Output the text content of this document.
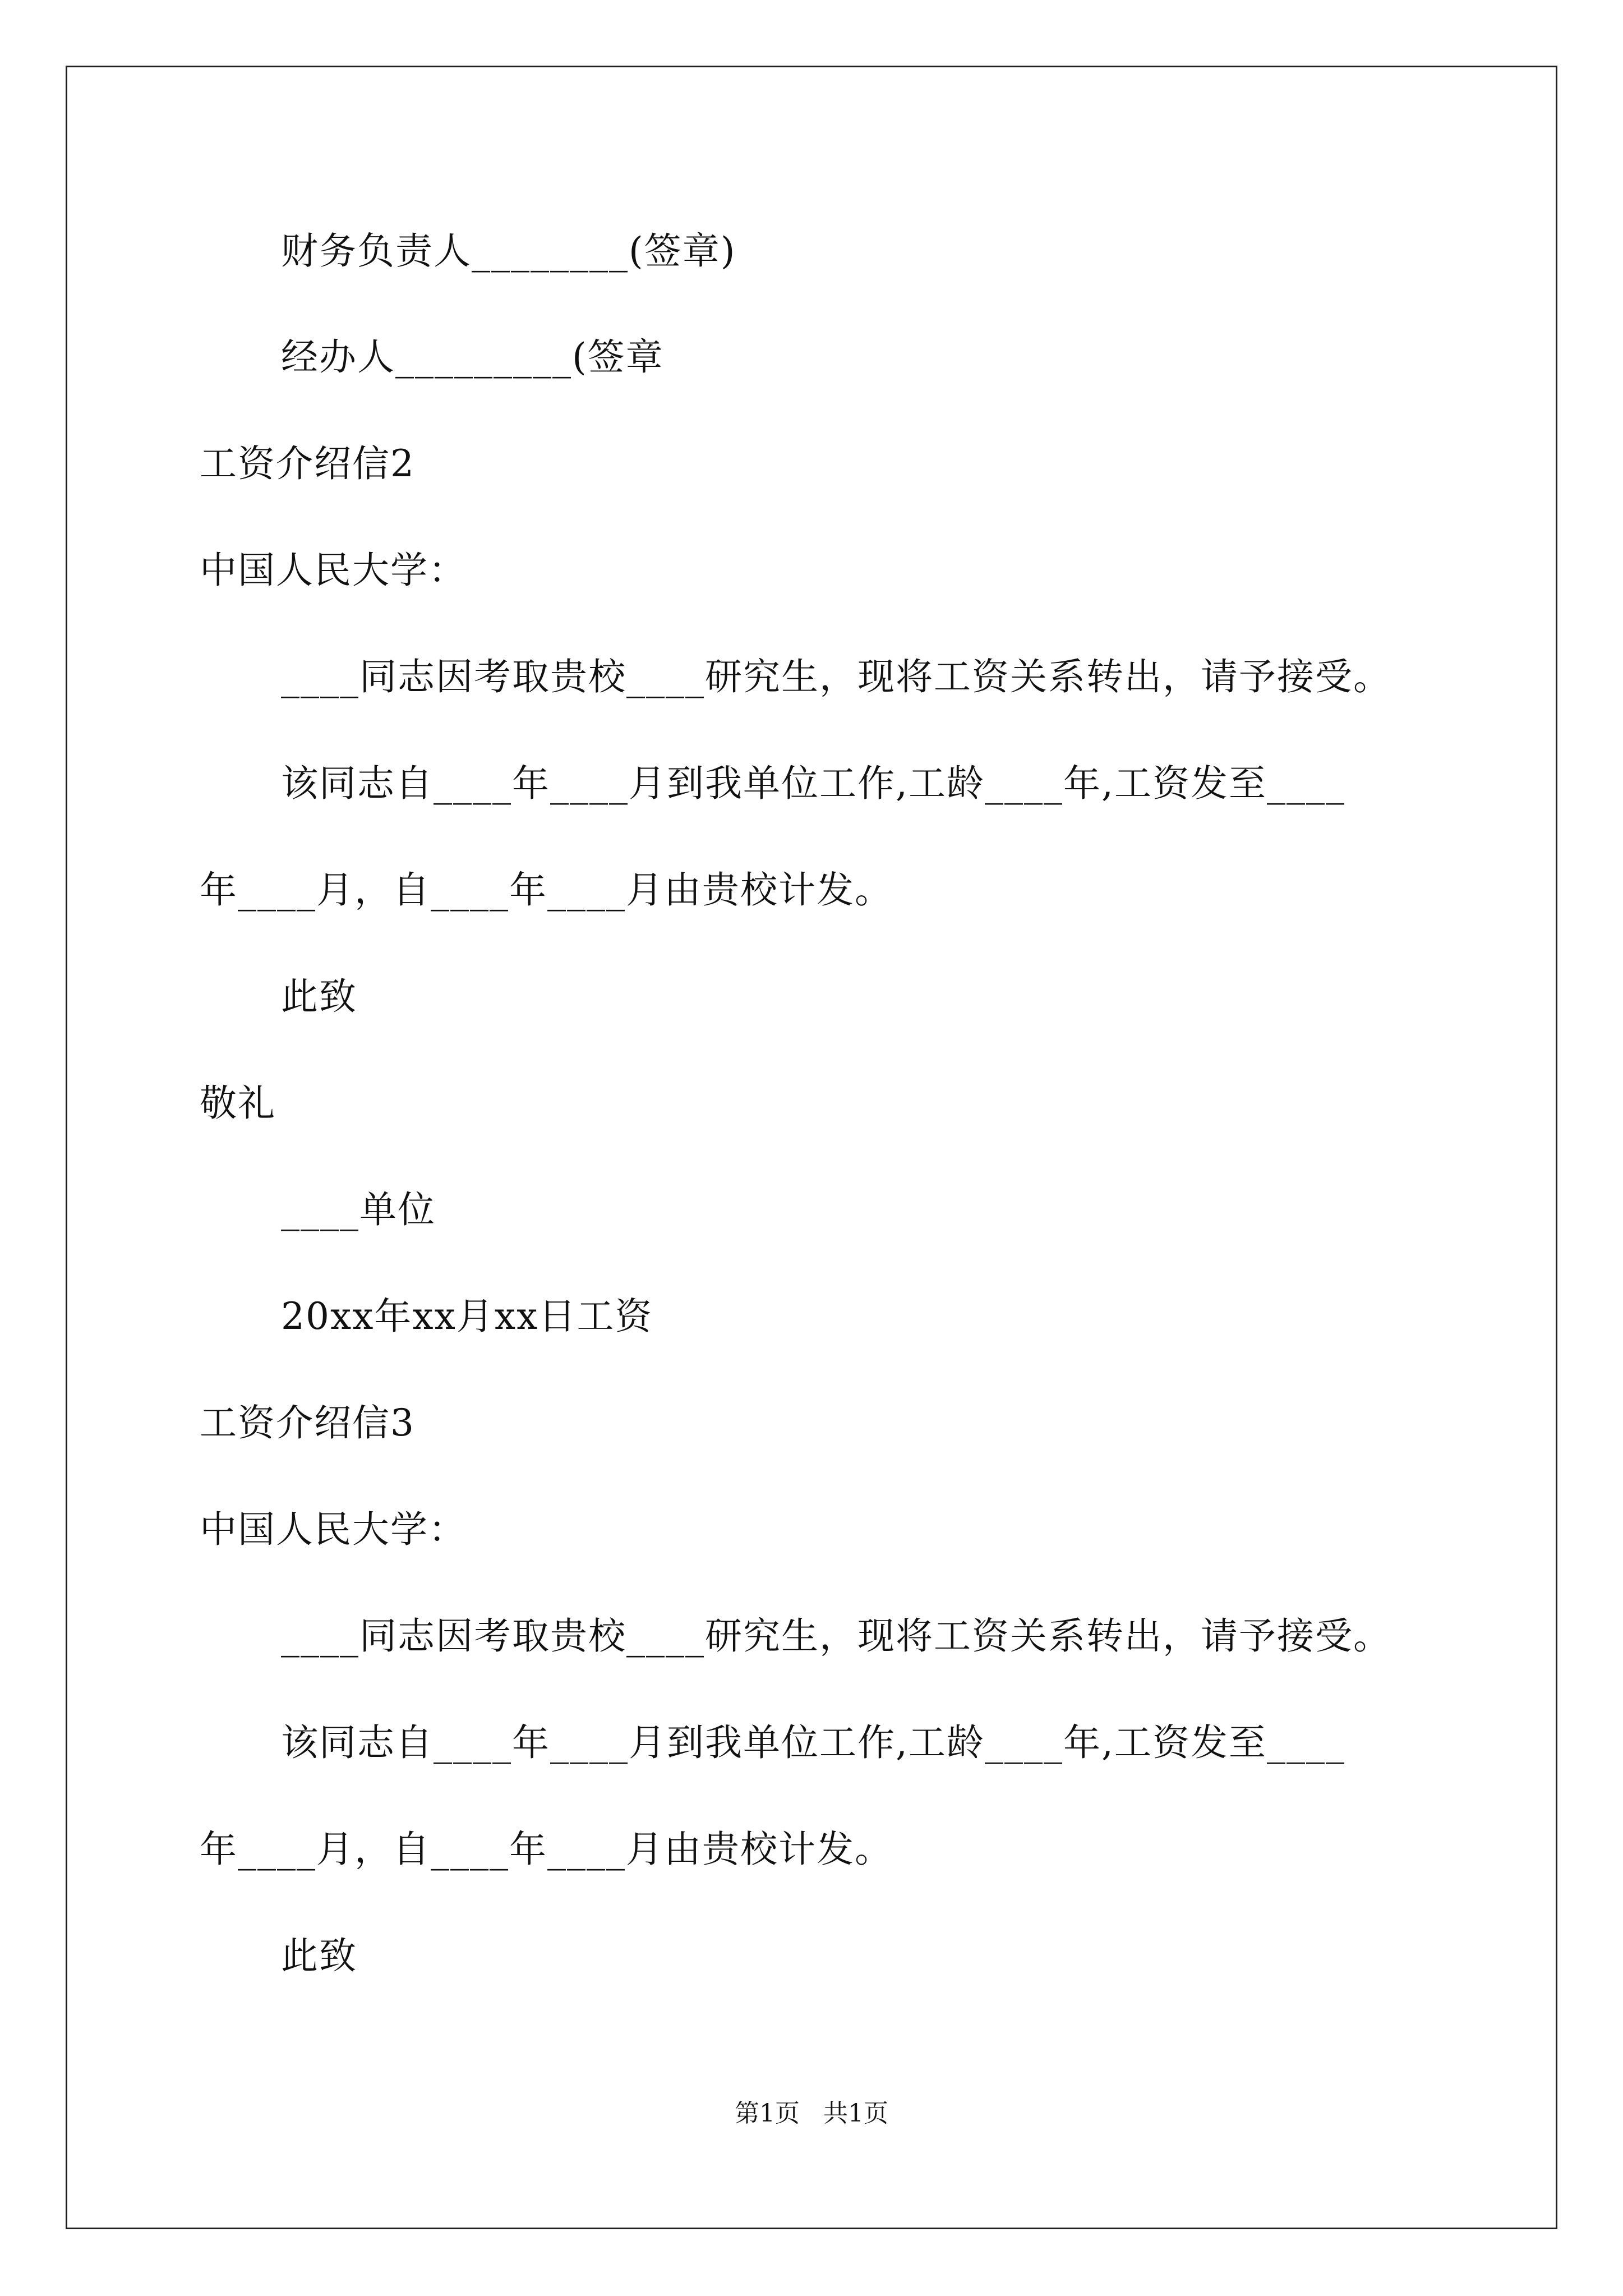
财务负责人________(签章)
经办人_________(签章
工资介绍信2
中国人民大学：
____同志因考取贵校____研究生，现将工资关系转出，请予接受。
该同志自____年____月到我单位工作,工龄____年,工资发至____
年____月，自____年____月由贵校计发。
此致
敬礼
____单位
20xx年xx月xx日工资
工资介绍信3
中国人民大学：
____同志因考取贵校____研究生，现将工资关系转出，请予接受。
该同志自____年____月到我单位工作,工龄____年,工资发至____
年____月，自____年____月由贵校计发。
此致
第1页   共1页
